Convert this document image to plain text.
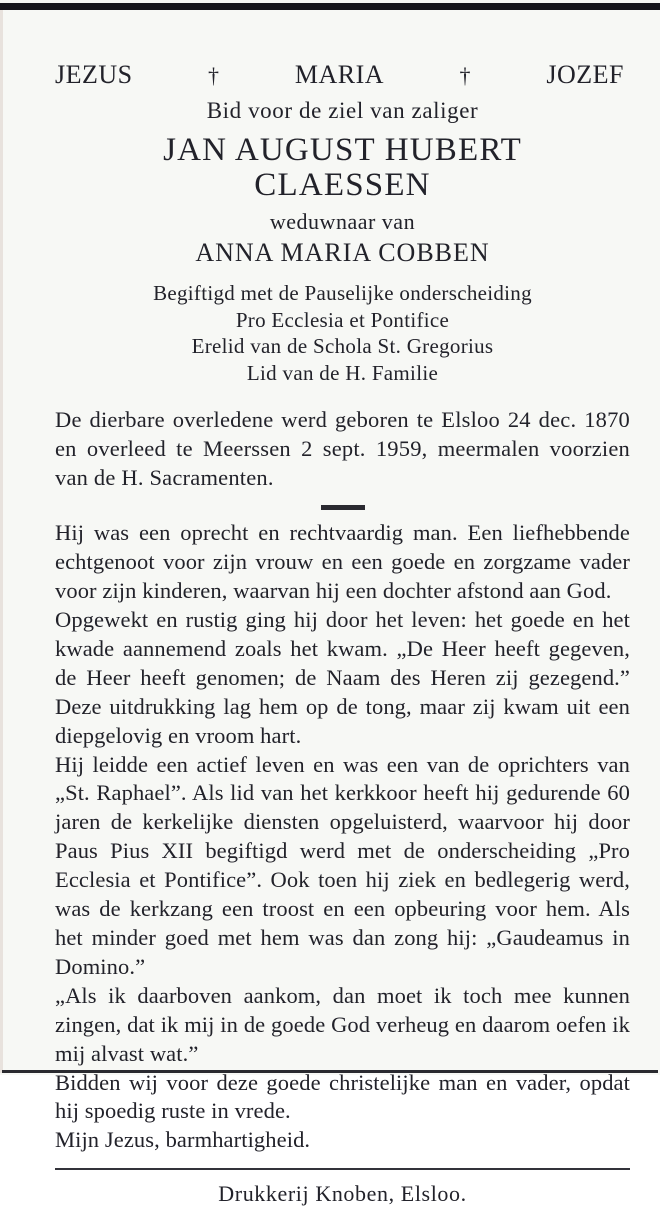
JEZUS	†	MARIA	†	JOZEF
Bid voor de ziel van zaliger
JAN AUGUST HUBERT
CLAESSEN
weduwnaar van
ANNA MARIA COBBEN
Begiftigd met de Pauselijke onderscheiding
Pro Ecclesia et Pontifice
Erelid van de Schola St. Gregorius
Lid van de H. Familie
De dierbare overledene werd geboren te Elsloo 24 dec. 1870 en overleed te Meerssen 2 sept. 1959, meermalen voorzien van de H. Sacramenten.

Hij was een oprecht en rechtvaardig man. Een liefhebbende echtgenoot voor zijn vrouw en een goede en zorgzame vader voor zijn kinderen, waarvan hij een dochter afstond aan God.

Opgewekt en rustig ging hij door het leven: het goede en het kwade aannemend zoals het kwam. „De Heer heeft gegeven, de Heer heeft genomen; de Naam des Heren zij gezegend.” Deze uitdrukking lag hem op de tong, maar zij kwam uit een diepgelovig en vroom hart.

Hij leidde een actief leven en was een van de oprichters van „St. Raphael”. Als lid van het kerkkoor heeft hij gedurende 60 jaren de kerkelijke diensten opgeluisterd, waarvoor hij door Paus Pius XII begiftigd werd met de onderscheiding „Pro Ecclesia et Pontifice”. Ook toen hij ziek en bedlegerig werd, was de kerkzang een troost en een opbeuring voor hem. Als het minder goed met hem was dan zong hij: „Gaudeamus in Domino.”

„Als ik daarboven aankom, dan moet ik toch mee kunnen zingen, dat ik mij in de goede God verheug en daarom oefen ik mij alvast wat.”

Bidden wij voor deze goede christelijke man en vader, opdat hij spoedig ruste in vrede.

Mijn Jezus, barmhartigheid.

Drukkerij Knoben, Elsloo.
